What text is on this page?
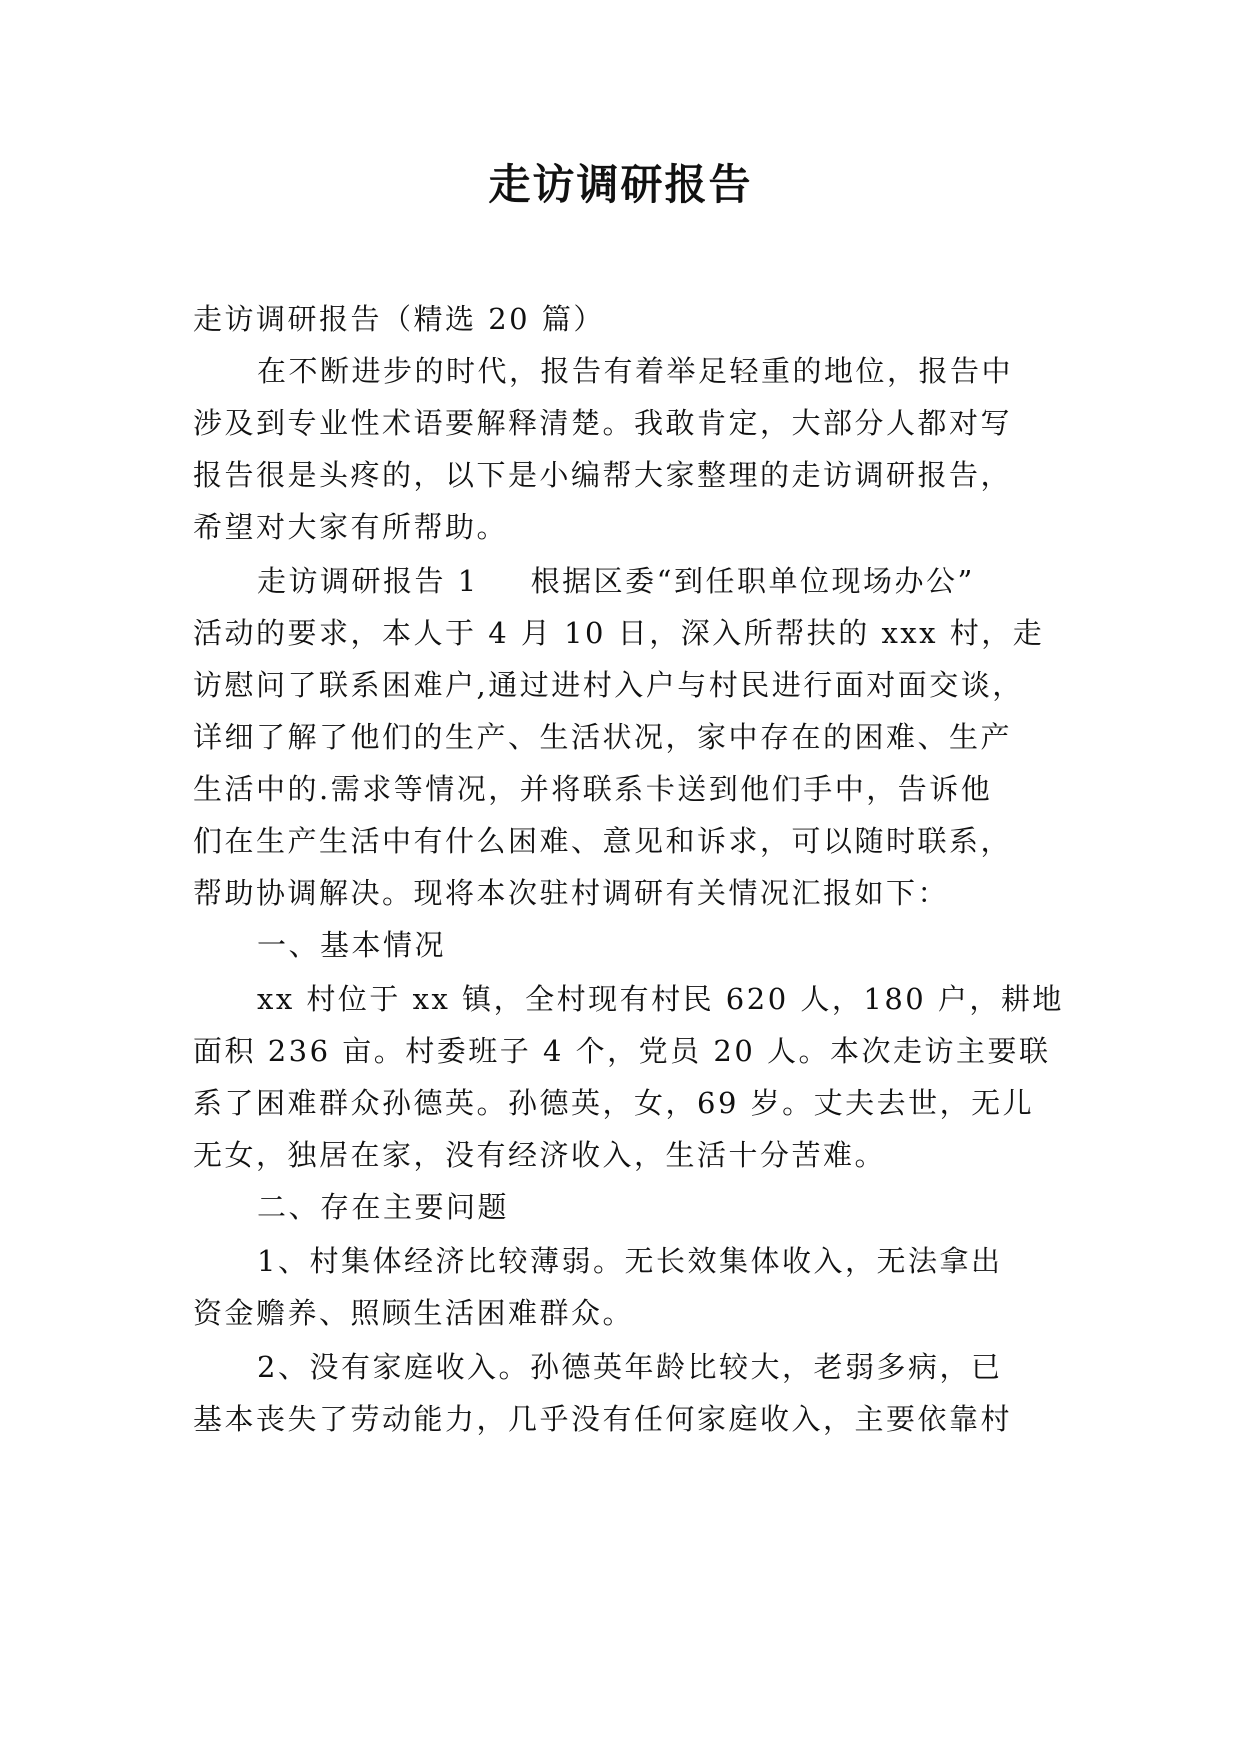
走访调研报告
走访调研报告（精选 20 篇）
在不断进步的时代，报告有着举足轻重的地位，报告中
涉及到专业性术语要解释清楚。我敢肯定，大部分人都对写
报告很是头疼的，以下是小编帮大家整理的走访调研报告，
希望对大家有所帮助。
走访调研报告 1 根据区委“到任职单位现场办公”
活动的要求，本人于 4 月 10 日，深入所帮扶的 xxx 村，走
访慰问了联系困难户,通过进村入户与村民进行面对面交谈，
详细了解了他们的生产、生活状况，家中存在的困难、生产
生活中的.需求等情况，并将联系卡送到他们手中，告诉他
们在生产生活中有什么困难、意见和诉求，可以随时联系，
帮助协调解决。现将本次驻村调研有关情况汇报如下：
一、基本情况
xx 村位于 xx 镇，全村现有村民 620 人，180 户，耕地
面积 236 亩。村委班子 4 个，党员 20 人。本次走访主要联
系了困难群众孙德英。孙德英，女，69 岁。丈夫去世，无儿
无女，独居在家，没有经济收入，生活十分苦难。
二、存在主要问题
1、村集体经济比较薄弱。无长效集体收入，无法拿出
资金赡养、照顾生活困难群众。
2、没有家庭收入。孙德英年龄比较大，老弱多病，已
基本丧失了劳动能力，几乎没有任何家庭收入，主要依靠村
